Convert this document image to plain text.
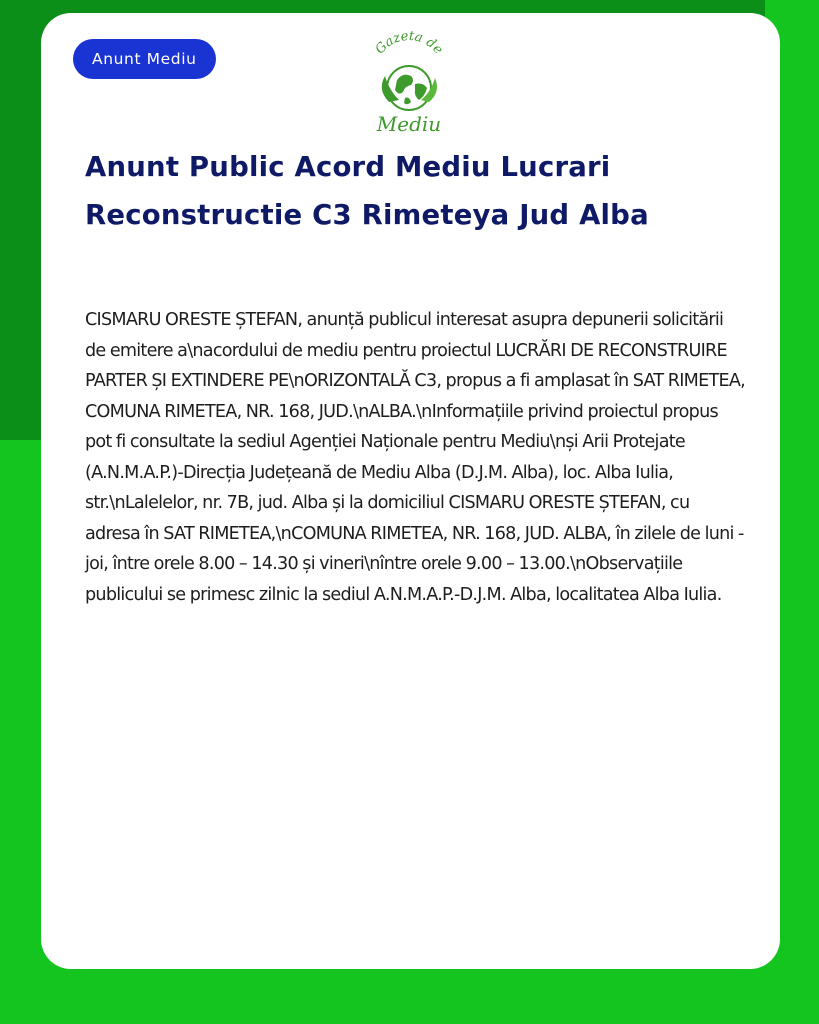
Anunt Mediu
Gazeta de
Mediu
Anunt Public Acord Mediu Lucrari Reconstructie C3 Rimeteya Jud Alba

CISMARU ORESTE ȘTEFAN, anunță publicul interesat asupra depunerii solicitării de emitere a\nacordului de mediu pentru proiectul LUCRĂRI DE RECONSTRUIRE PARTER ȘI EXTINDERE PE\nORIZONTALĂ C3, propus a fi amplasat în SAT RIMETEA, COMUNA RIMETEA, NR. 168, JUD.\nALBA.\nInformațiile privind proiectul propus pot fi consultate la sediul Agenției Naționale pentru Mediu\nși Arii Protejate (A.N.M.A.P.)-Direcția Județeană de Mediu Alba (D.J.M. Alba), loc. Alba Iulia, str.\nLalelelor, nr. 7B, jud. Alba și la domiciliul CISMARU ORESTE ȘTEFAN, cu adresa în SAT RIMETEA,\nCOMUNA RIMETEA, NR. 168, JUD. ALBA, în zilele de luni - joi, între orele 8.00 – 14.30 și vineri\nîntre orele 9.00 – 13.00.\nObservațiile publicului se primesc zilnic la sediul A.N.M.A.P.-D.J.M. Alba, localitatea Alba Iulia.
